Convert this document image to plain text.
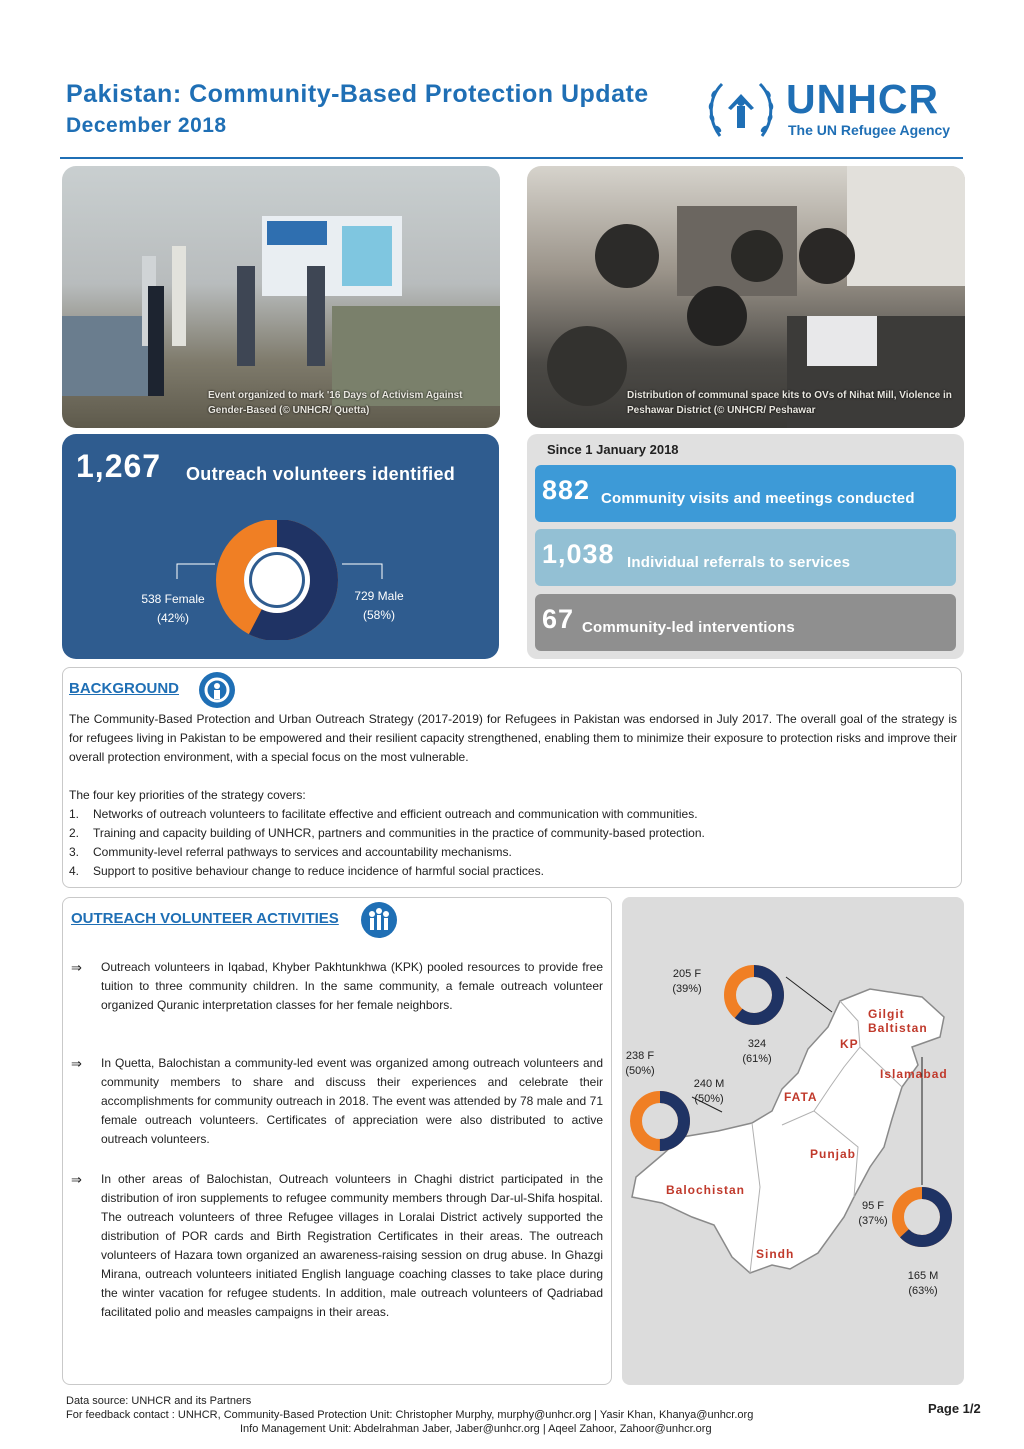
Pakistan: Community-Based Protection Update
December 2018
UNHCR
The UN Refugee Agency
Event organized to mark '16 Days of Activism Against Gender-Based (© UNHCR/ Quetta)
Distribution of communal space kits to OVs of Nihat Mill, Violence in Peshawar District (© UNHCR/ Peshawar
1,267 Outreach volunteers identified
538 Female
(42%)
729 Male
(58%)
Since 1 January 2018
882 Community visits and meetings conducted
1,038 Individual referrals to services
67 Community-led interventions
BACKGROUND
The Community-Based Protection and Urban Outreach Strategy (2017-2019) for Refugees in Pakistan was endorsed in July 2017. The overall goal of the strategy is for refugees living in Pakistan to be empowered and their resilient capacity strengthened, enabling them to minimize their exposure to protection risks and improve their overall protection environment, with a special focus on the most vulnerable.
The four key priorities of the strategy covers:
1. Networks of outreach volunteers to facilitate effective and efficient outreach and communication with communities.
2. Training and capacity building of UNHCR, partners and communities in the practice of community-based protection.
3. Community-level referral pathways to services and accountability mechanisms.
4. Support to positive behaviour change to reduce incidence of harmful social practices.
OUTREACH VOLUNTEER ACTIVITIES
⇒ Outreach volunteers in Iqabad, Khyber Pakhtunkhwa (KPK) pooled resources to provide free tuition to three community children. In the same community, a female outreach volunteer organized Quranic interpretation classes for her female neighbors.
⇒ In Quetta, Balochistan a community-led event was organized among outreach volunteers and community members to share and discuss their experiences and celebrate their accomplishments for community outreach in 2018. The event was attended by 78 male and 71 female outreach volunteers. Certificates of appreciation were also distributed to active outreach volunteers.
⇒ In other areas of Balochistan, Outreach volunteers in Chaghi district participated in the distribution of iron supplements to refugee community members through Dar-ul-Shifa hospital. The outreach volunteers of three Refugee villages in Loralai District actively supported the distribution of POR cards and Birth Registration Certificates in their areas. The outreach volunteers of Hazara town organized an awareness-raising session on drug abuse. In Ghazgi Mirana, outreach volunteers initiated English language coaching classes to take place during the winter vacation for refugee students. In addition, male outreach volunteers of Qadriabad facilitated polio and measles campaigns in their areas.
Gilgit Baltistan
KP
Islamabad
FATA
Punjab
Balochistan
Sindh
205 F
(39%)
324
(61%)
238 F
(50%)
240 M
(50%)
95 F
(37%)
165 M
(63%)
Data source: UNHCR and its Partners
For feedback contact : UNHCR, Community-Based Protection Unit: Christopher Murphy, murphy@unhcr.org | Yasir Khan, Khanya@unhcr.org
Info Management Unit: Abdelrahman Jaber, Jaber@unhcr.org | Aqeel Zahoor, Zahoor@unhcr.org
Page 1/2
